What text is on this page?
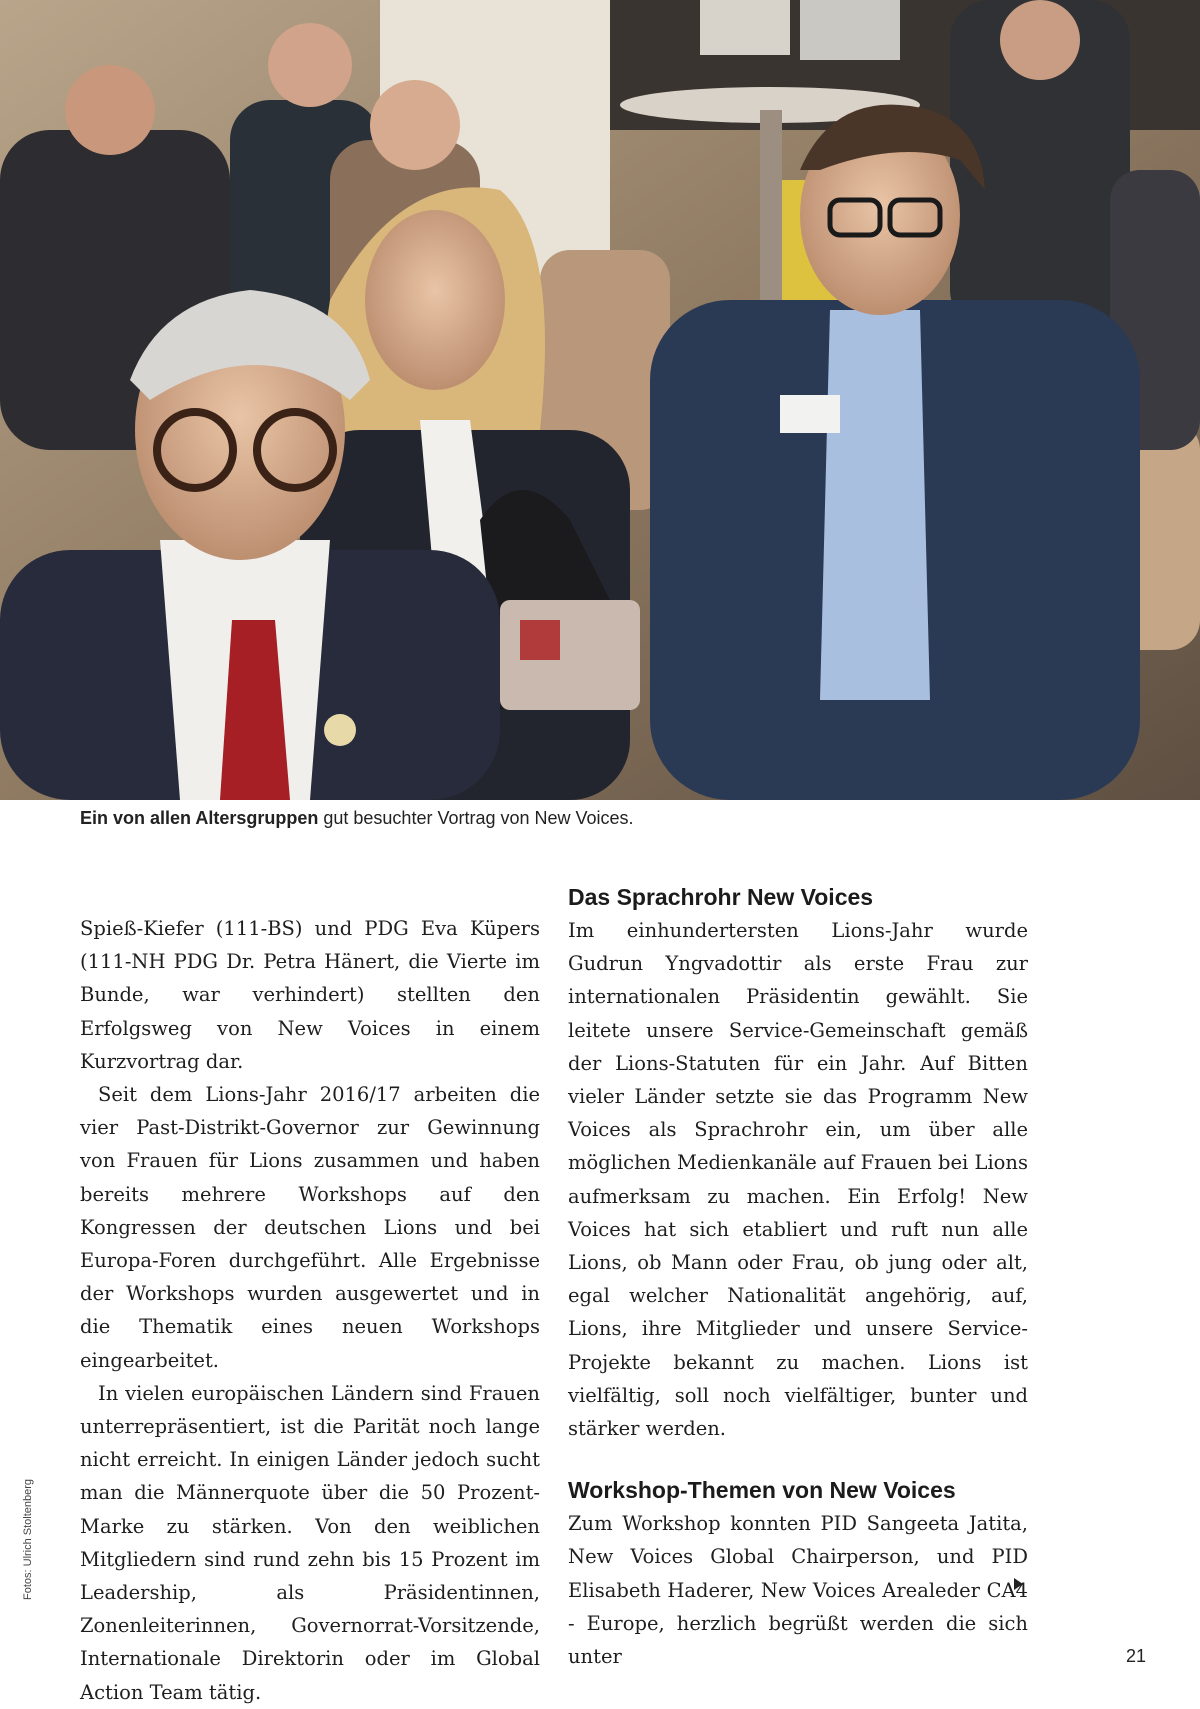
Ein von allen Altersgruppen gut besuchter Vortrag von New Voices.
Fotos: Ulrich Stoltenberg

Spieß-Kiefer (111-BS) und PDG Eva Küpers (111-NH PDG Dr. Petra Hänert, die Vierte im Bunde, war verhindert) stellten den Erfolgsweg von New Voices in einem Kurzvortrag dar.

Seit dem Lions-Jahr 2016/17 arbeiten die vier Past-Distrikt-Governor zur Gewinnung von Frauen für Lions zusammen und haben bereits mehrere Workshops auf den Kongressen der deutschen Lions und bei Europa-Foren durchgeführt. Alle Ergebnisse der Workshops wurden ausgewertet und in die Thematik eines neuen Workshops eingearbeitet.

In vielen europäischen Ländern sind Frauen unterrepräsentiert, ist die Parität noch lange nicht erreicht. In einigen Länder jedoch sucht man die Männerquote über die 50 Prozent-Marke zu stärken. Von den weiblichen Mitgliedern sind rund zehn bis 15 Prozent im Leadership, als Präsidentinnen, Zonenleiterinnen, Governorrat-Vorsitzende, Internationale Direktorin oder im Global Action Team tätig.

Das Sprachrohr New Voices

Im einhundertersten Lions-Jahr wurde Gudrun Yngvadottir als erste Frau zur internationalen Präsidentin gewählt. Sie leitete unsere Service-Gemeinschaft gemäß der Lions-Statuten für ein Jahr. Auf Bitten vieler Länder setzte sie das Programm New Voices als Sprachrohr ein, um über alle möglichen Medienkanäle auf Frauen bei Lions aufmerksam zu machen. Ein Erfolg! New Voices hat sich etabliert und ruft nun alle Lions, ob Mann oder Frau, ob jung oder alt, egal welcher Nationalität angehörig, auf, Lions, ihre Mitglieder und unsere Service-Projekte bekannt zu machen. Lions ist vielfältig, soll noch vielfältiger, bunter und stärker werden.

Workshop-Themen von New Voices

Zum Workshop konnten PID Sangeeta Jatita, New Voices Global Chairperson, und PID Elisabeth Haderer, New Voices Arealeder CA4 - Europe, herzlich begrüßt werden die sich unter	21
